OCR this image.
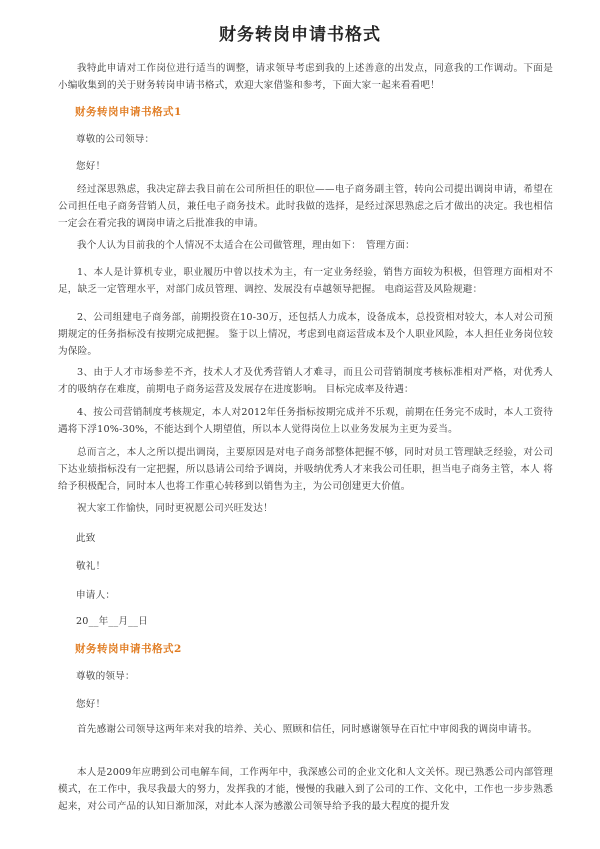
财务转岗申请书格式

我特此申请对工作岗位进行适当的调整，请求领导考虑到我的上述善意的出发点，同意我的工作调动。下面是小编收集到的关于财务转岗申请书格式，欢迎大家借鉴和参考，下面大家一起来看看吧！

财务转岗申请书格式1

尊敬的公司领导：

您好！

经过深思熟虑，我决定辞去我目前在公司所担任的职位——电子商务副主管，转向公司提出调岗申请，希望在公司担任电子商务营销人员，兼任电子商务技术。此时我做的选择，是经过深思熟虑之后才做出的决定。我也相信一定会在看完我的调岗申请之后批准我的申请。

我个人认为目前我的个人情况不太适合在公司做管理，理由如下：　管理方面：

1、本人是计算机专业，职业履历中曾以技术为主，有一定业务经验，销售方面较为积极，但管理方面相对不足，缺乏一定管理水平，对部门成员管理、调控、发展没有卓越领导把握。 电商运营及风险规避：

2、公司组建电子商务部，前期投资在10-30万，还包括人力成本，设备成本，总投资相对较大，本人对公司预期规定的任务指标没有按期完成把握。 鉴于以上情况，考虑到电商运营成本及个人职业风险，本人担任业务岗位较为保险。

3、由于人才市场参差不齐，技术人才及优秀营销人才难寻，而且公司营销制度考核标准相对严格，对优秀人才的吸纳存在难度，前期电子商务运营及发展存在进度影响。 目标完成率及待遇：

4、按公司营销制度考核规定，本人对2012年任务指标按期完成并不乐观，前期在任务完不成时，本人工资待遇将下浮10%-30%，不能达到个人期望值，所以本人觉得岗位上以业务发展为主更为妥当。

总而言之，本人之所以提出调岗，主要原因是对电子商务部整体把握不够，同时对员工管理缺乏经验，对公司下达业绩指标没有一定把握，所以恳请公司给予调岗，并吸纳优秀人才来我公司任职，担当电子商务主管，本人 将给予积极配合，同时本人也将工作重心转移到以销售为主，为公司创建更大价值。

祝大家工作愉快，同时更祝愿公司兴旺发达！

此致

敬礼！

申请人：

20__年__月__日

财务转岗申请书格式2

尊敬的领导：

您好！

首先感谢公司领导这两年来对我的培养、关心、照顾和信任，同时感谢领导在百忙中审阅我的调岗申请书。

本人是2009年应聘到公司电解车间，工作两年中，我深感公司的企业文化和人文关怀。现已熟悉公司内部管理模式，在工作中，我尽我最大的努力，发挥我的才能，慢慢的我融入到了公司的工作、文化中，工作也一步步熟悉起来，对公司产品的认知日渐加深，对此本人深为感激公司领导给予我的最大程度的提升发
